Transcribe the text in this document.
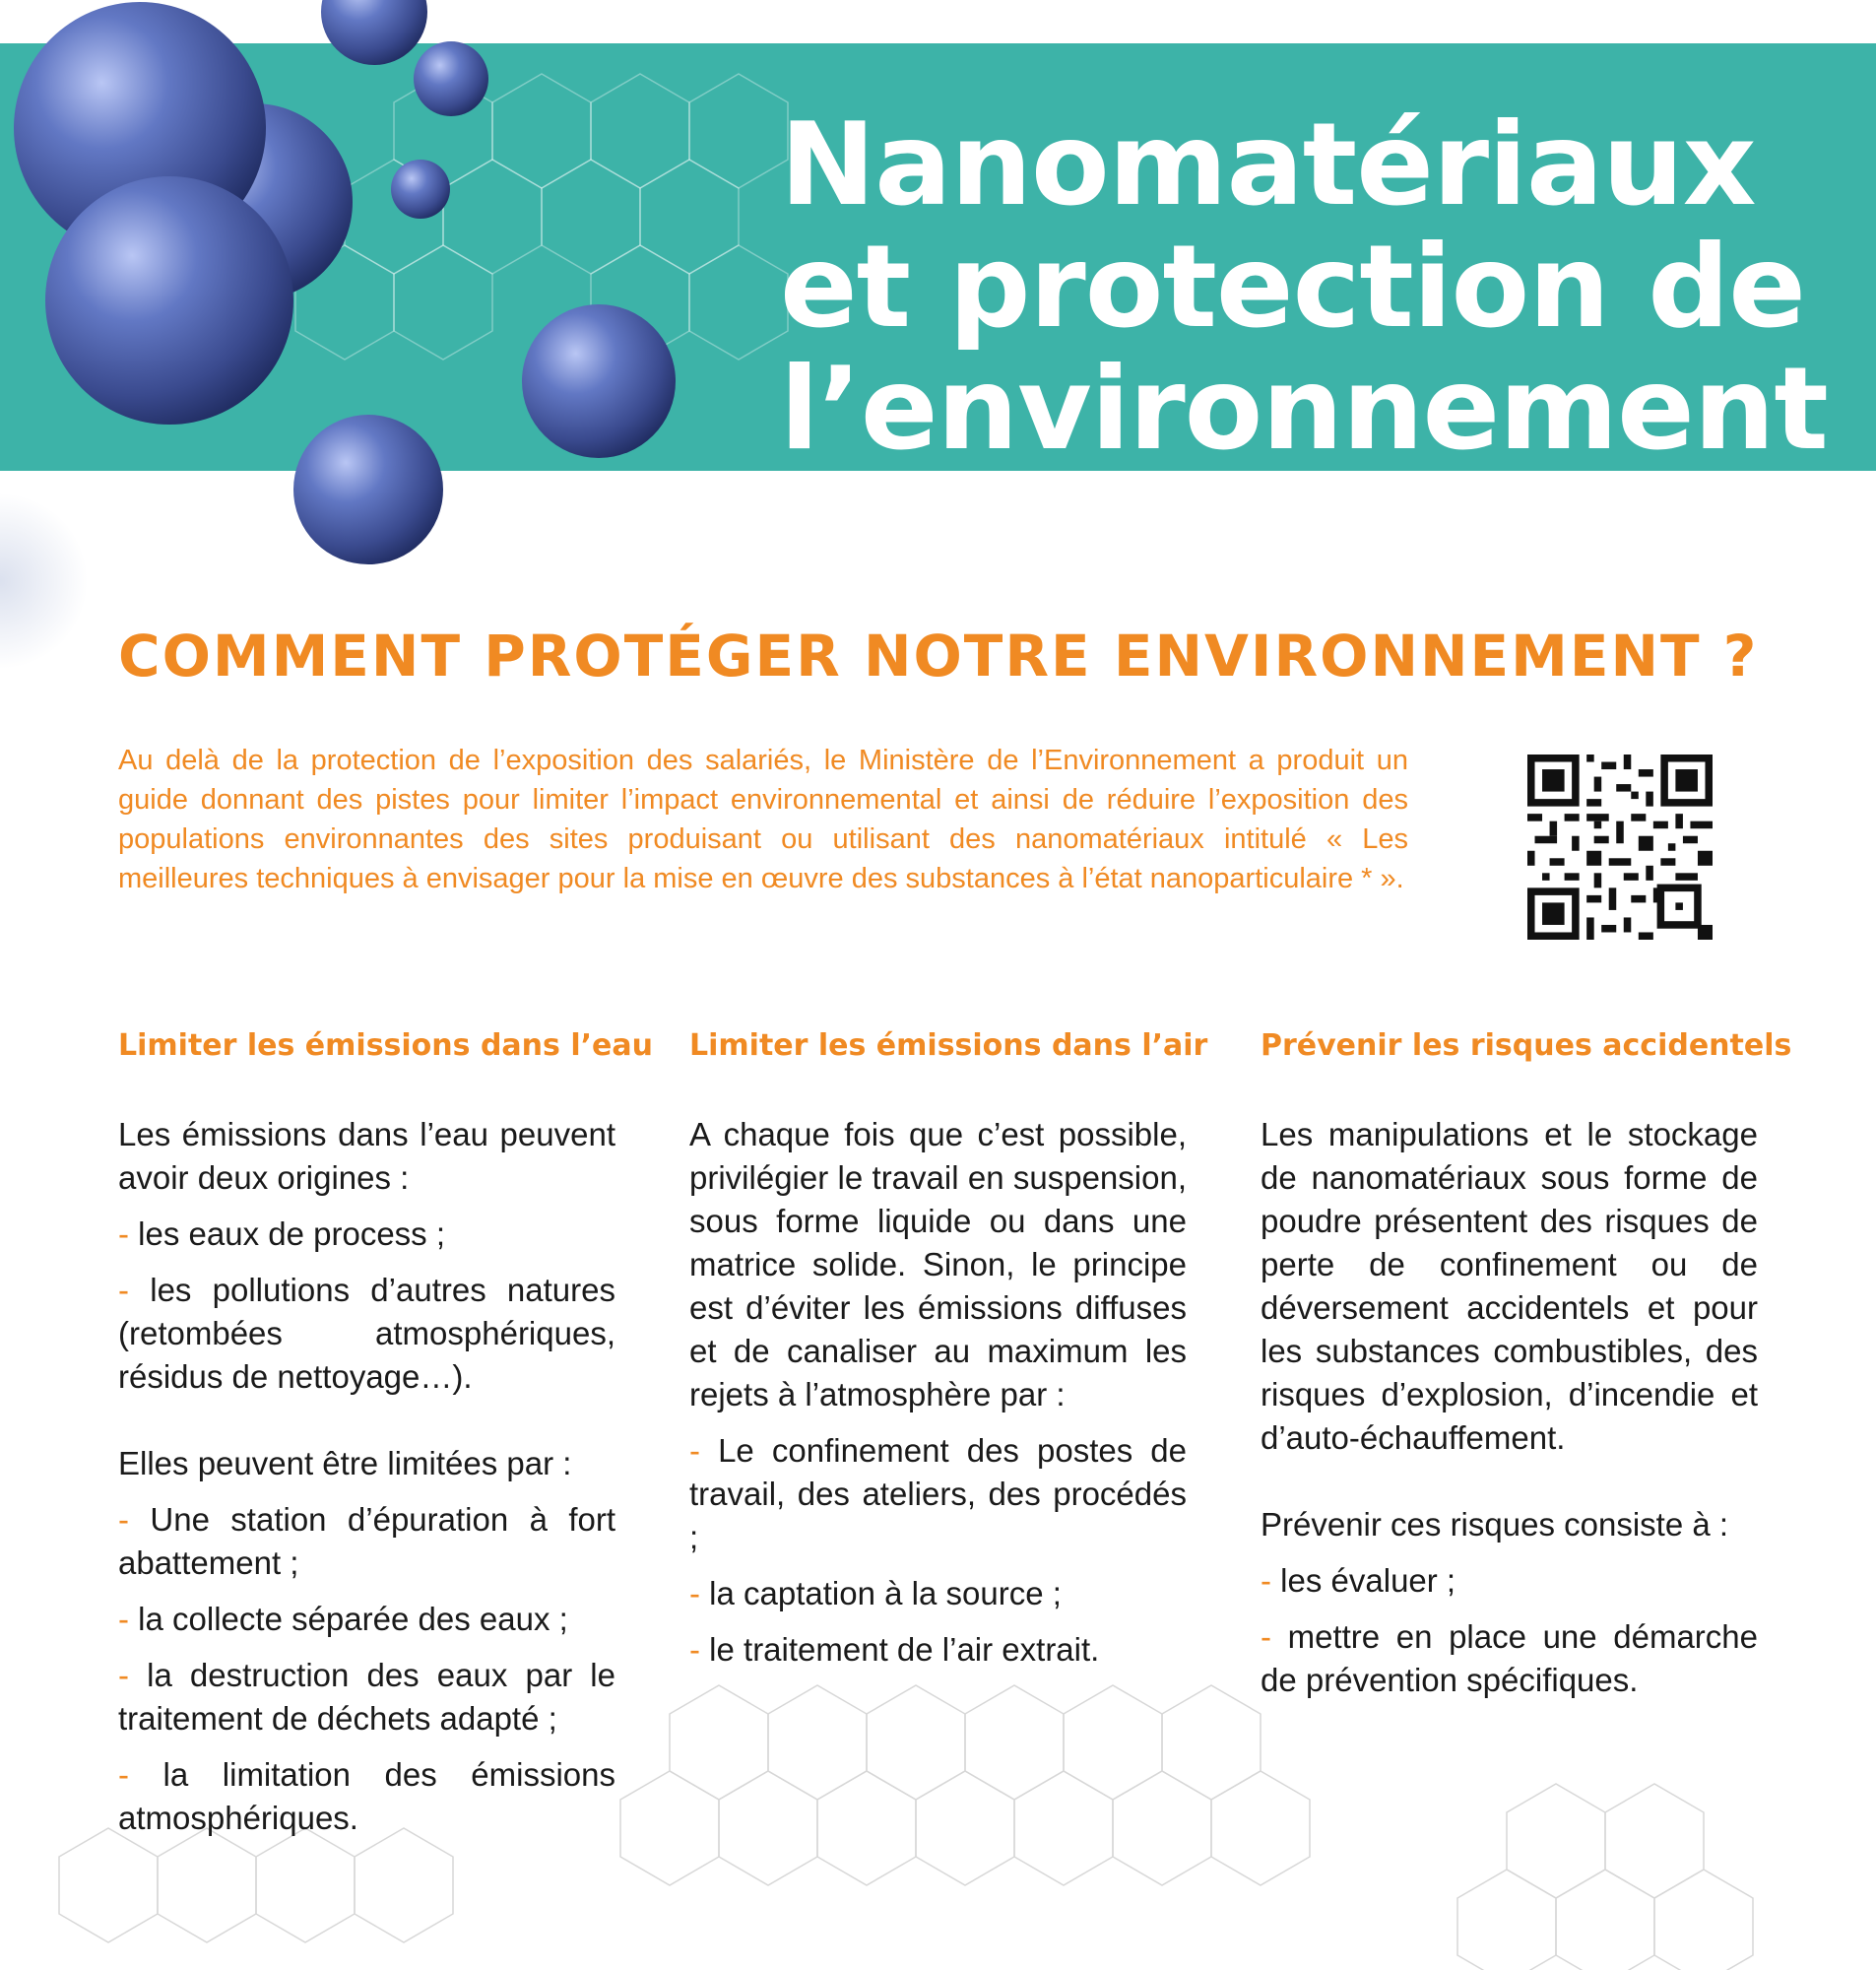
Nanomatériaux
et protection de
l’environnement
COMMENT PROTÉGER NOTRE ENVIRONNEMENT ?

Au delà de la protection de l’exposition des salariés, le Ministère de l’Environnement a produit un guide donnant des pistes pour limiter l’impact environnemental et ainsi de réduire l’exposition des populations environnantes des sites produisant ou utilisant des nanomatériaux intitulé « Les meilleures techniques à envisager pour la mise en œuvre des substances à l’état nanoparticulaire * ».

Limiter les émissions dans l’eau

Les émissions dans l’eau peuvent avoir deux origines :

- les eaux de process ;

- les pollutions d’autres natures (retombées atmosphériques, résidus de nettoyage…).

Elles peuvent être limitées par :

- Une station d’épuration à fort abattement ;

- la collecte séparée des eaux ;

- la destruction des eaux par le traitement de déchets adapté ;

- la limitation des émissions atmosphériques.

Limiter les émissions dans l’air

A chaque fois que c’est possible, privilégier le travail en suspension, sous forme liquide ou dans une matrice solide. Sinon, le principe est d’éviter les émissions diffuses et de canaliser au maximum les rejets à l’atmosphère par :

- Le confinement des postes de travail, des ateliers, des procédés ;

- la captation à la source ;

- le traitement de l’air extrait.

Prévenir les risques accidentels

Les manipulations et le stockage de nanomatériaux sous forme de poudre présentent des risques de perte de confinement ou de déversement accidentels et pour les substances combustibles, des risques d’explosion, d’incendie et d’auto-échauffement.

Prévenir ces risques consiste à :

- les évaluer ;

- mettre en place une démarche de prévention spécifiques.
